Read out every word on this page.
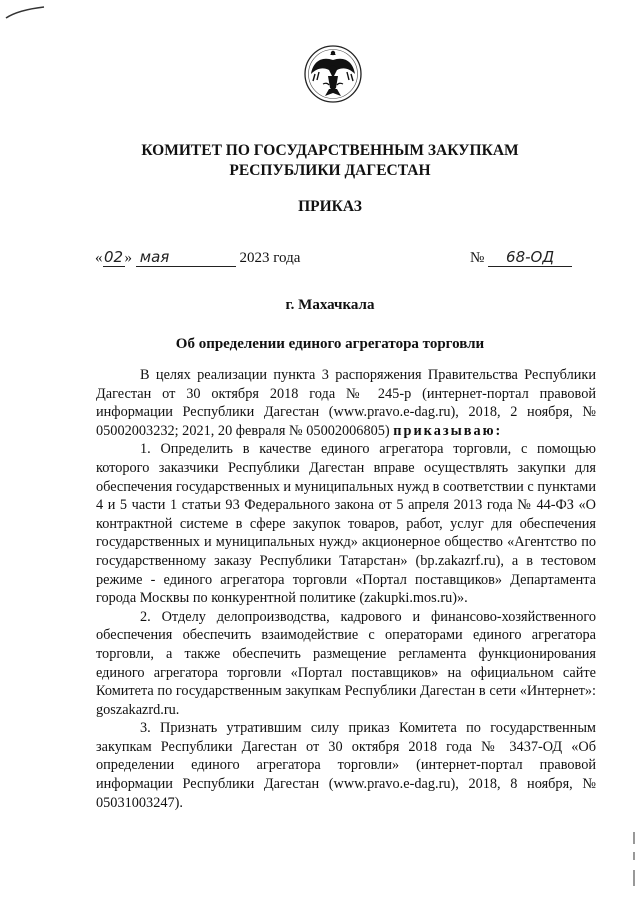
КОМИТЕТ ПО ГОСУДАРСТВЕННЫМ ЗАКУПКАМ
РЕСПУБЛИКИ ДАГЕСТАН
ПРИКАЗ
«02» мая	2023 года	№ 68-ОД
г. Махачкала
Об определении единого агрегатора торговли

В целях реализации пункта 3 распоряжения Правительства Республики Дагестан от 30 октября 2018 года № 245-р (интернет-портал правовой информации Республики Дагестан (www.pravo.e-dag.ru), 2018, 2 ноября, № 05002003232; 2021, 20 февраля № 05002006805) приказываю:

1. Определить в качестве единого агрегатора торговли, с помощью которого заказчики Республики Дагестан вправе осуществлять закупки для обеспечения государственных и муниципальных нужд в соответствии с пунктами 4 и 5 части 1 статьи 93 Федерального закона от 5 апреля 2013 года № 44-ФЗ «О контрактной системе в сфере закупок товаров, работ, услуг для обеспечения государственных и муниципальных нужд» акционерное общество «Агентство по государственному заказу Республики Татарстан» (bp.zakazrf.ru), а в тестовом режиме - единого агрегатора торговли «Портал поставщиков» Департамента города Москвы по конкурентной политике (zakupki.mos.ru)».

2. Отделу делопроизводства, кадрового и финансово-хозяйственного обеспечения обеспечить взаимодействие с операторами единого агрегатора торговли, а также обеспечить размещение регламента функционирования единого агрегатора торговли «Портал поставщиков» на официальном сайте Комитета по государственным закупкам Республики Дагестан в сети «Интернет»: goszakazrd.ru.

3. Признать утратившим силу приказ Комитета по государственным закупкам Республики Дагестан от 30 октября 2018 года № 3437-ОД «Об определении единого агрегатора торговли» (интернет-портал правовой информации Республики Дагестан (www.pravo.e-dag.ru), 2018, 8 ноября, № 05031003247).
